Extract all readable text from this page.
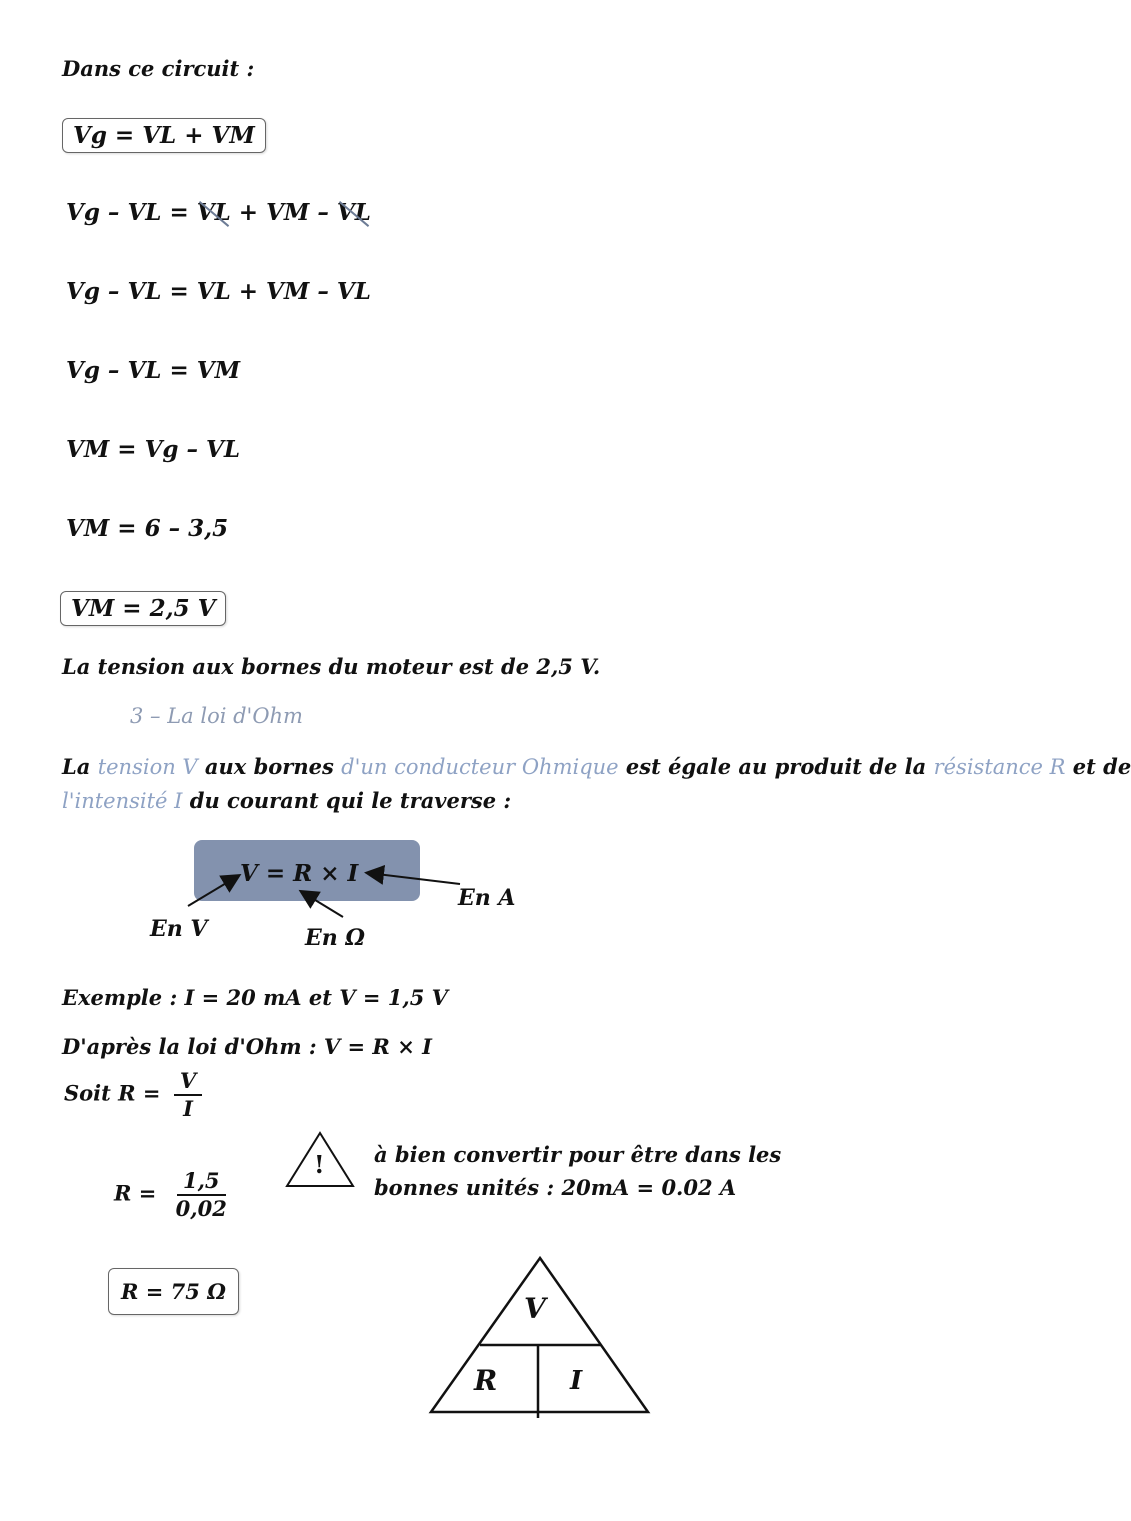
Dans ce circuit :
Vg = VL + VM
Vg – VL = VL + VM – VL
Vg – VL = VL + VM – VL
Vg – VL = VM
VM = Vg – VL
VM = 6 – 3,5
VM = 2,5 V
La tension aux bornes du moteur est de 2,5 V.
3 – La loi d'Ohm
La tension V aux bornes d'un conducteur Ohmique est égale au produit de la résistance R et de
l'intensité I du courant qui le traverse :
V = R × I
En V	En Ω
En A
Exemple : I = 20 mA et V = 1,5 V
D'après la loi d'Ohm : V = R × I
Soit $R = \frac{V}{I}$
$R = \frac{1,5}{0,02}$
! à bien convertir pour être dans les
bonnes unités : 20mA = 0.02 A
R = 75 Ω
V
R	I
